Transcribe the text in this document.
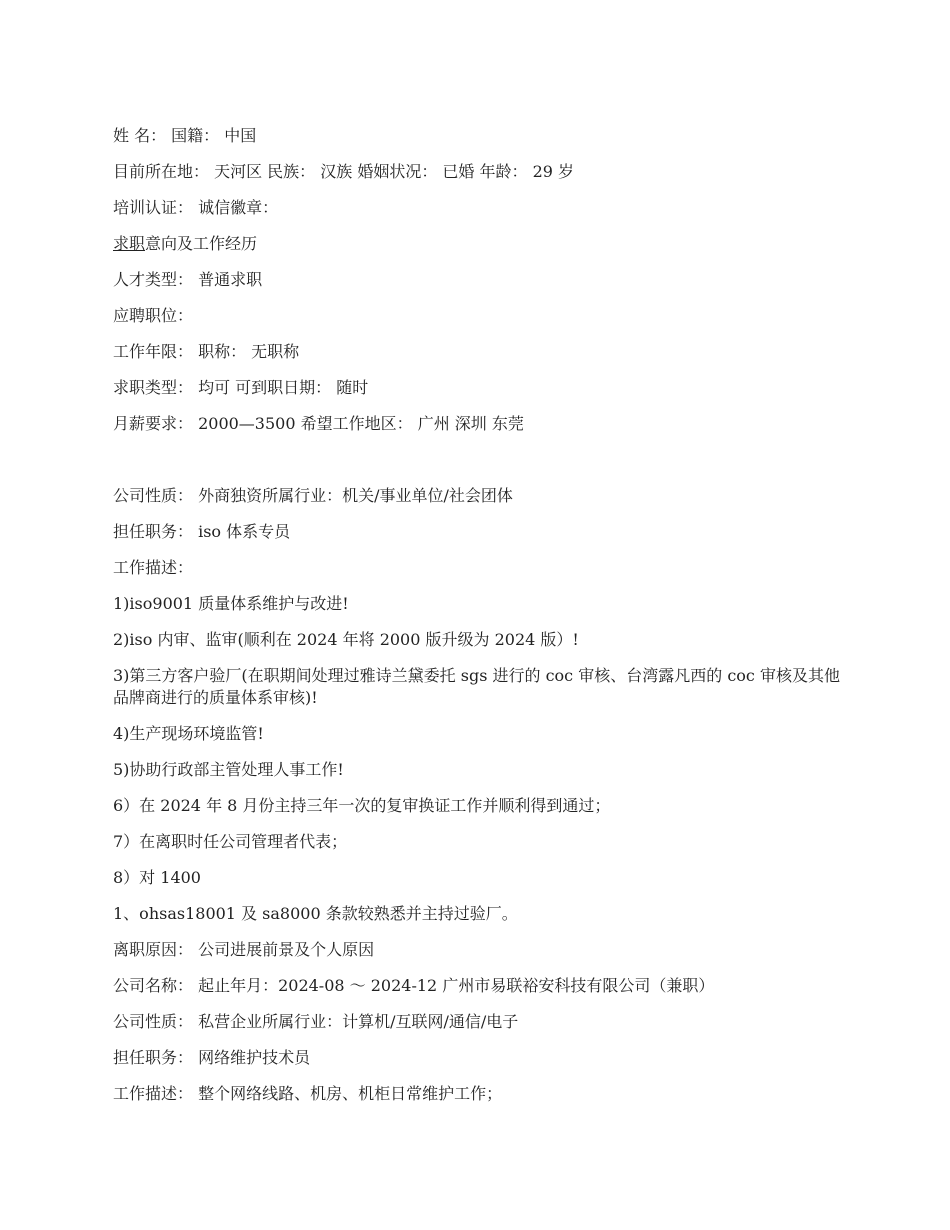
姓 名： 国籍： 中国

目前所在地： 天河区 民族： 汉族 婚姻状况： 已婚 年龄： 29 岁

培训认证： 诚信徽章：

求职意向及工作经历

人才类型： 普通求职

应聘职位：

工作年限： 职称： 无职称

求职类型： 均可 可到职日期： 随时

月薪要求： 2000—3500 希望工作地区： 广州 深圳 东莞

公司性质： 外商独资所属行业：机关/事业单位/社会团体

担任职务： iso 体系专员

工作描述：

1)iso9001 质量体系维护与改进!

2)iso 内审、监审(顺利在 2024 年将 2000 版升级为 2024 版）!

3)第三方客户验厂(在职期间处理过雅诗兰黛委托 sgs 进行的 coc 审核、台湾露凡西的 coc 审核及其他品牌商进行的质量体系审核)!

4)生产现场环境监管!

5)协助行政部主管处理人事工作!

6）在 2024 年 8 月份主持三年一次的复审换证工作并顺利得到通过；

7）在离职时任公司管理者代表；

8）对 1400

1、ohsas18001 及 sa8000 条款较熟悉并主持过验厂。

离职原因： 公司进展前景及个人原因

公司名称： 起止年月：2024-08 ～ 2024-12 广州市易联裕安科技有限公司（兼职）

公司性质： 私营企业所属行业：计算机/互联网/通信/电子

担任职务： 网络维护技术员

工作描述： 整个网络线路、机房、机柜日常维护工作；
